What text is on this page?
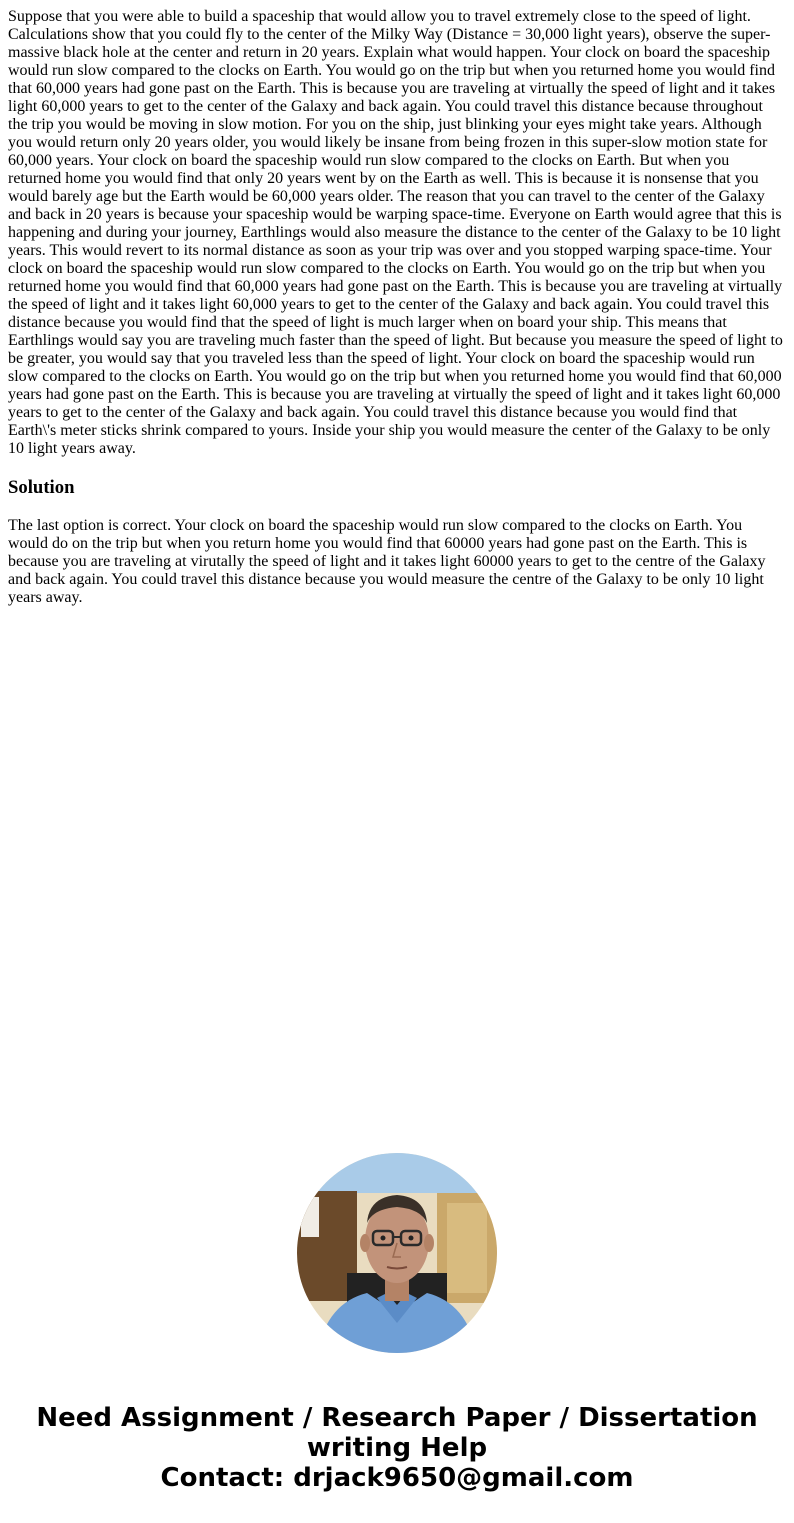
Suppose that you were able to build a spaceship that would allow you to travel extremely close to the speed of light. Calculations show that you could fly to the center of the Milky Way (Distance = 30,000 light years), observe the super-massive black hole at the center and return in 20 years. Explain what would happen. Your clock on board the spaceship would run slow compared to the clocks on Earth. You would go on the trip but when you returned home you would find that 60,000 years had gone past on the Earth. This is because you are traveling at virtually the speed of light and it takes light 60,000 years to get to the center of the Galaxy and back again. You could travel this distance because throughout the trip you would be moving in slow motion. For you on the ship, just blinking your eyes might take years. Although you would return only 20 years older, you would likely be insane from being frozen in this super-slow motion state for 60,000 years. Your clock on board the spaceship would run slow compared to the clocks on Earth. But when you returned home you would find that only 20 years went by on the Earth as well. This is because it is nonsense that you would barely age but the Earth would be 60,000 years older. The reason that you can travel to the center of the Galaxy and back in 20 years is because your spaceship would be warping space-time. Everyone on Earth would agree that this is happening and during your journey, Earthlings would also measure the distance to the center of the Galaxy to be 10 light years. This would revert to its normal distance as soon as your trip was over and you stopped warping space-time. Your clock on board the spaceship would run slow compared to the clocks on Earth. You would go on the trip but when you returned home you would find that 60,000 years had gone past on the Earth. This is because you are traveling at virtually the speed of light and it takes light 60,000 years to get to the center of the Galaxy and back again. You could travel this distance because you would find that the speed of light is much larger when on board your ship. This means that Earthlings would say you are traveling much faster than the speed of light. But because you measure the speed of light to be greater, you would say that you traveled less than the speed of light. Your clock on board the spaceship would run slow compared to the clocks on Earth. You would go on the trip but when you returned home you would find that 60,000 years had gone past on the Earth. This is because you are traveling at virtually the speed of light and it takes light 60,000 years to get to the center of the Galaxy and back again. You could travel this distance because you would find that Earth\'s meter sticks shrink compared to yours. Inside your ship you would measure the center of the Galaxy to be only 10 light years away.

Solution

The last option is correct. Your clock on board the spaceship would run slow compared to the clocks on Earth. You would do on the trip but when you return home you would find that 60000 years had gone past on the Earth. This is because you are traveling at virutally the speed of light and it takes light 60000 years to get to the centre of the Galaxy and back again. You could travel this distance because you would measure the centre of the Galaxy to be only 10 light years away.

Need Assignment / Research Paper / Dissertation
writing Help
Contact: drjack9650@gmail.com
